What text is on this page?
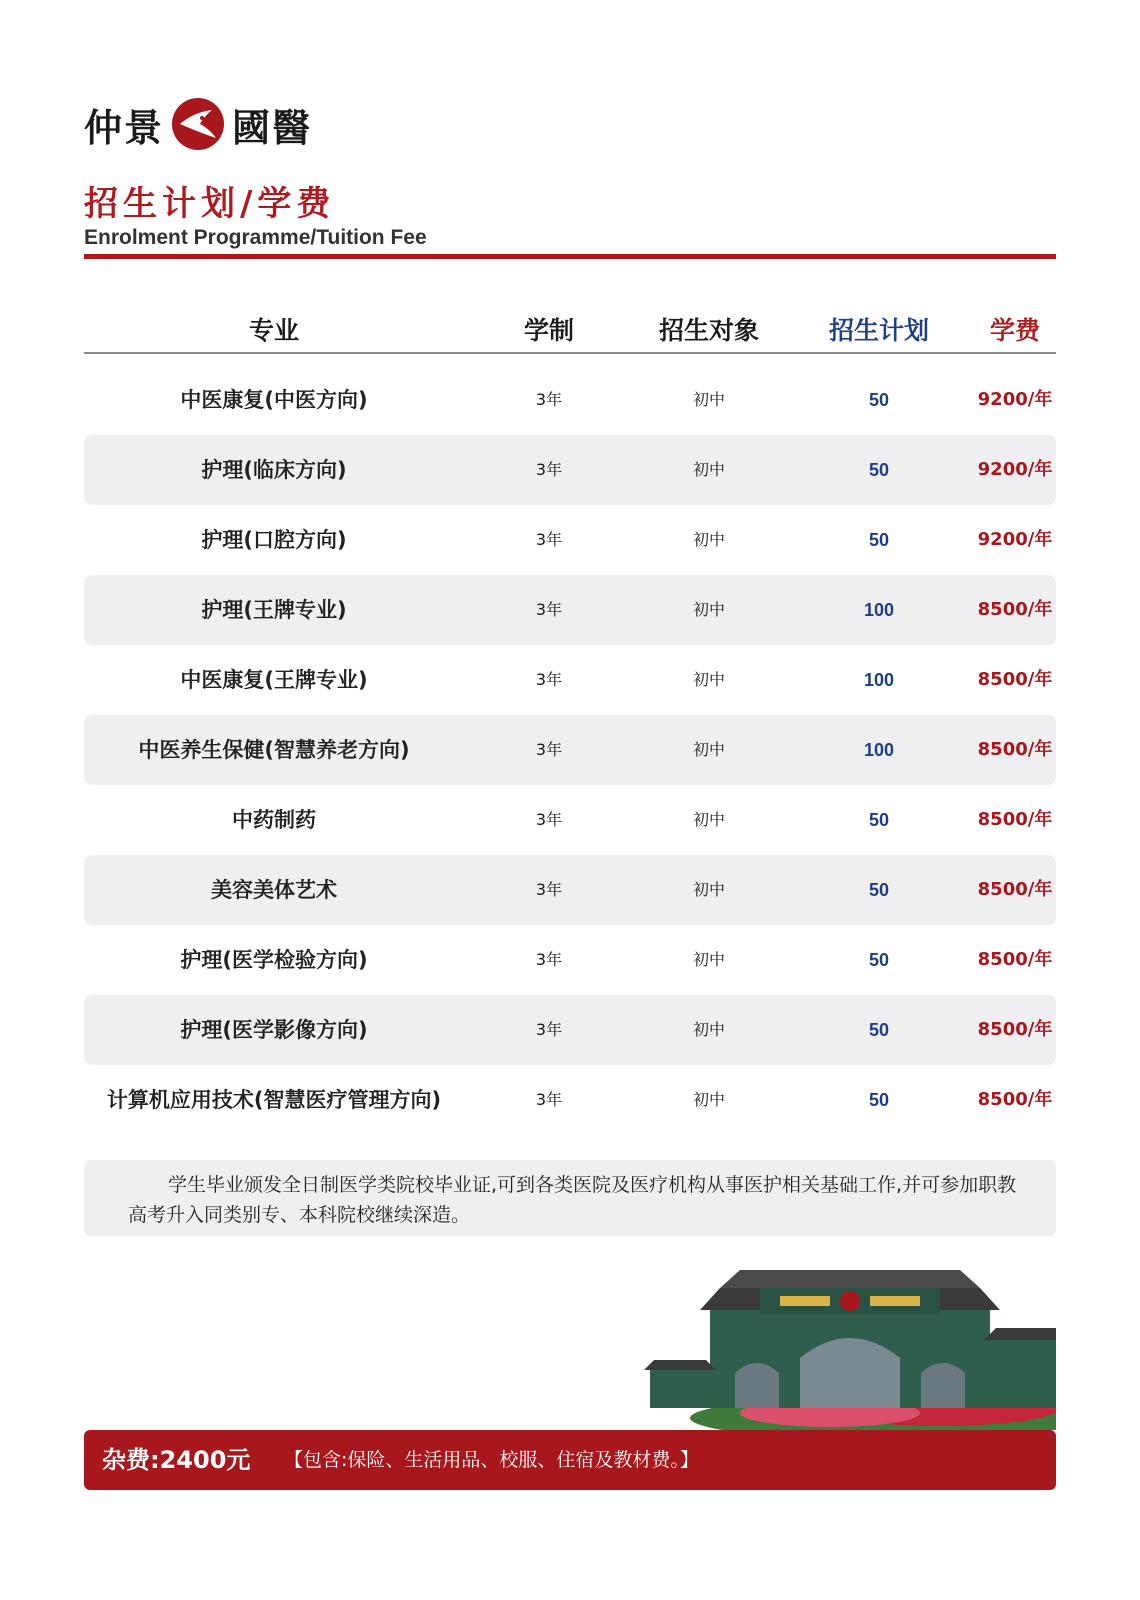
仲景 國醫
招生计划/学费
Enrolment Programme/Tuition Fee
专业	学制	招生对象	招生计划	学费
中医康复(中医方向)	3年	初中	50	9200/年
护理(临床方向)	3年	初中	50	9200/年
护理(口腔方向)	3年	初中	50	9200/年
护理(王牌专业)	3年	初中	100	8500/年
中医康复(王牌专业)	3年	初中	100	8500/年
中医养生保健(智慧养老方向)	3年	初中	100	8500/年
中药制药	3年	初中	50	8500/年
美容美体艺术	3年	初中	50	8500/年
护理(医学检验方向)	3年	初中	50	8500/年
护理(医学影像方向)	3年	初中	50	8500/年
计算机应用技术(智慧医疗管理方向)	3年	初中	50	8500/年

学生毕业颁发全日制医学类院校毕业证,可到各类医院及医疗机构从事医护相关基础工作,并可参加职教高考升入同类别专、本科院校继续深造。

杂费:2400元 【包含:保险、生活用品、校服、住宿及教材费。】
